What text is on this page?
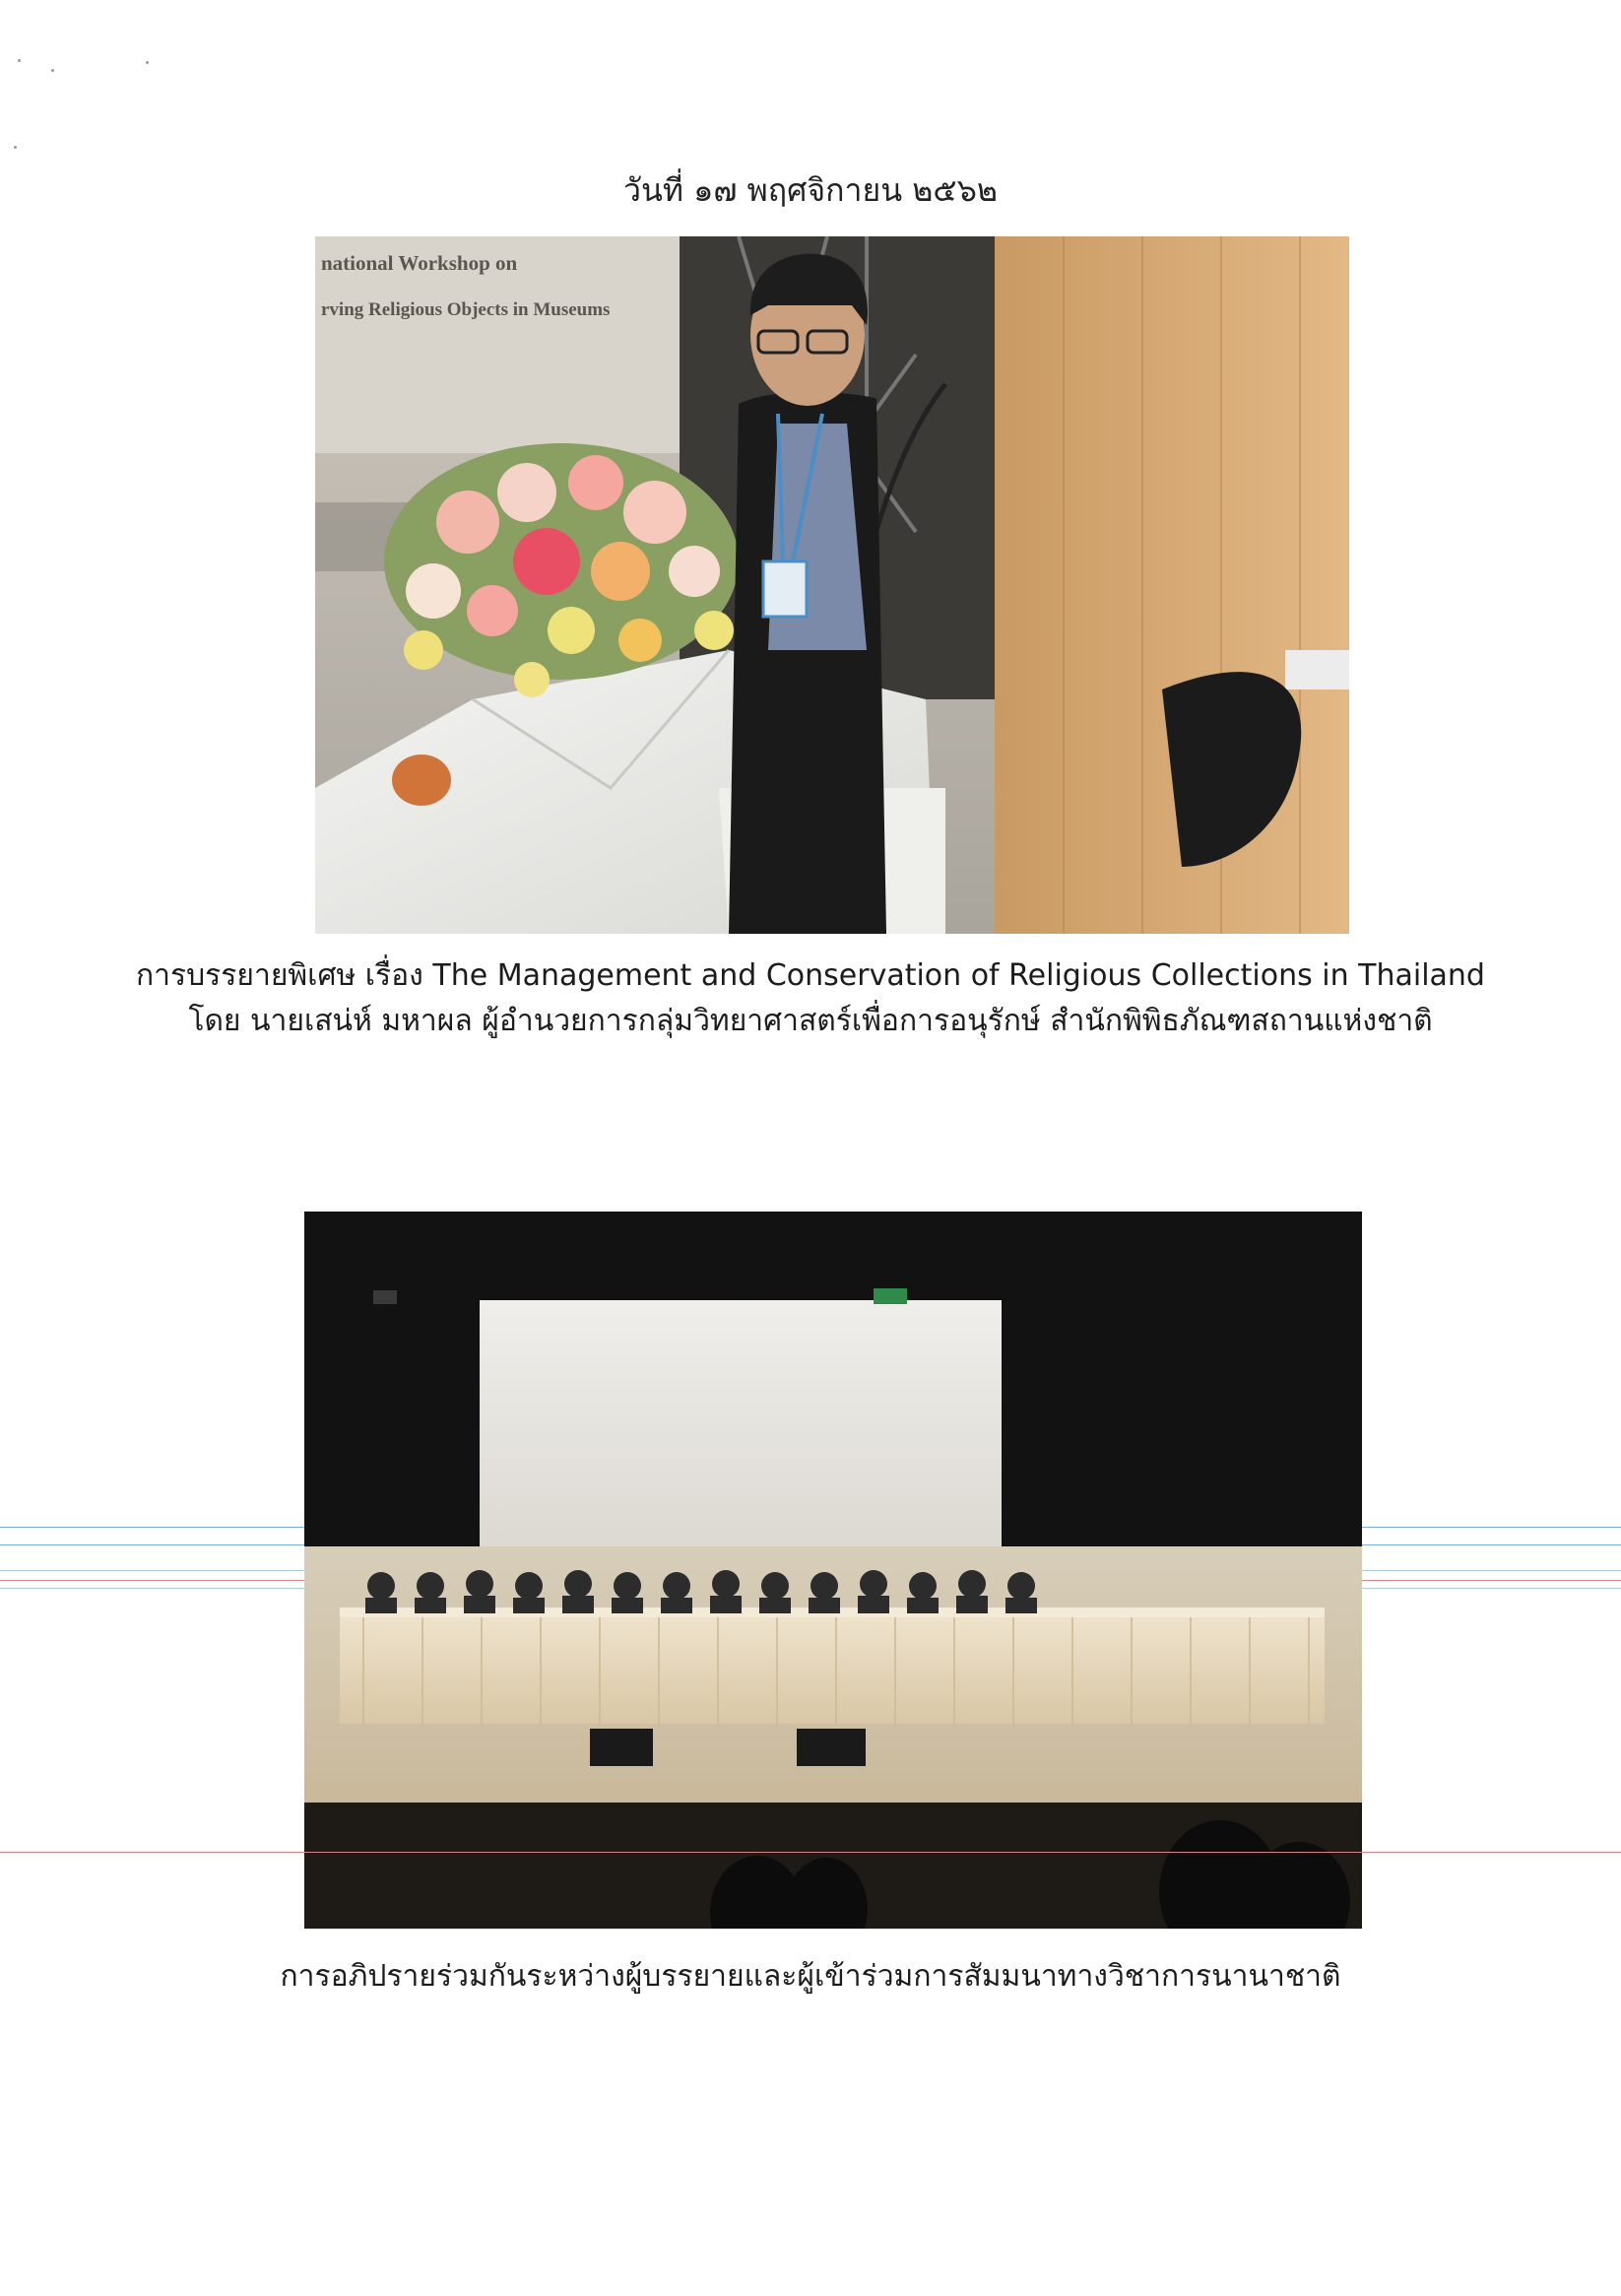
วันที่ ๑๗ พฤศจิกายน ๒๕๖๒
national Workshop on
rving Religious Objects in Museums
การบรรยายพิเศษ เรื่อง The Management and Conservation of Religious Collections in Thailand
โดย นายเสน่ห์ มหาผล ผู้อำนวยการกลุ่มวิทยาศาสตร์เพื่อการอนุรักษ์ สำนักพิพิธภัณฑสถานแห่งชาติ
การอภิปรายร่วมกันระหว่างผู้บรรยายและผู้เข้าร่วมการสัมมนาทางวิชาการนานาชาติ
